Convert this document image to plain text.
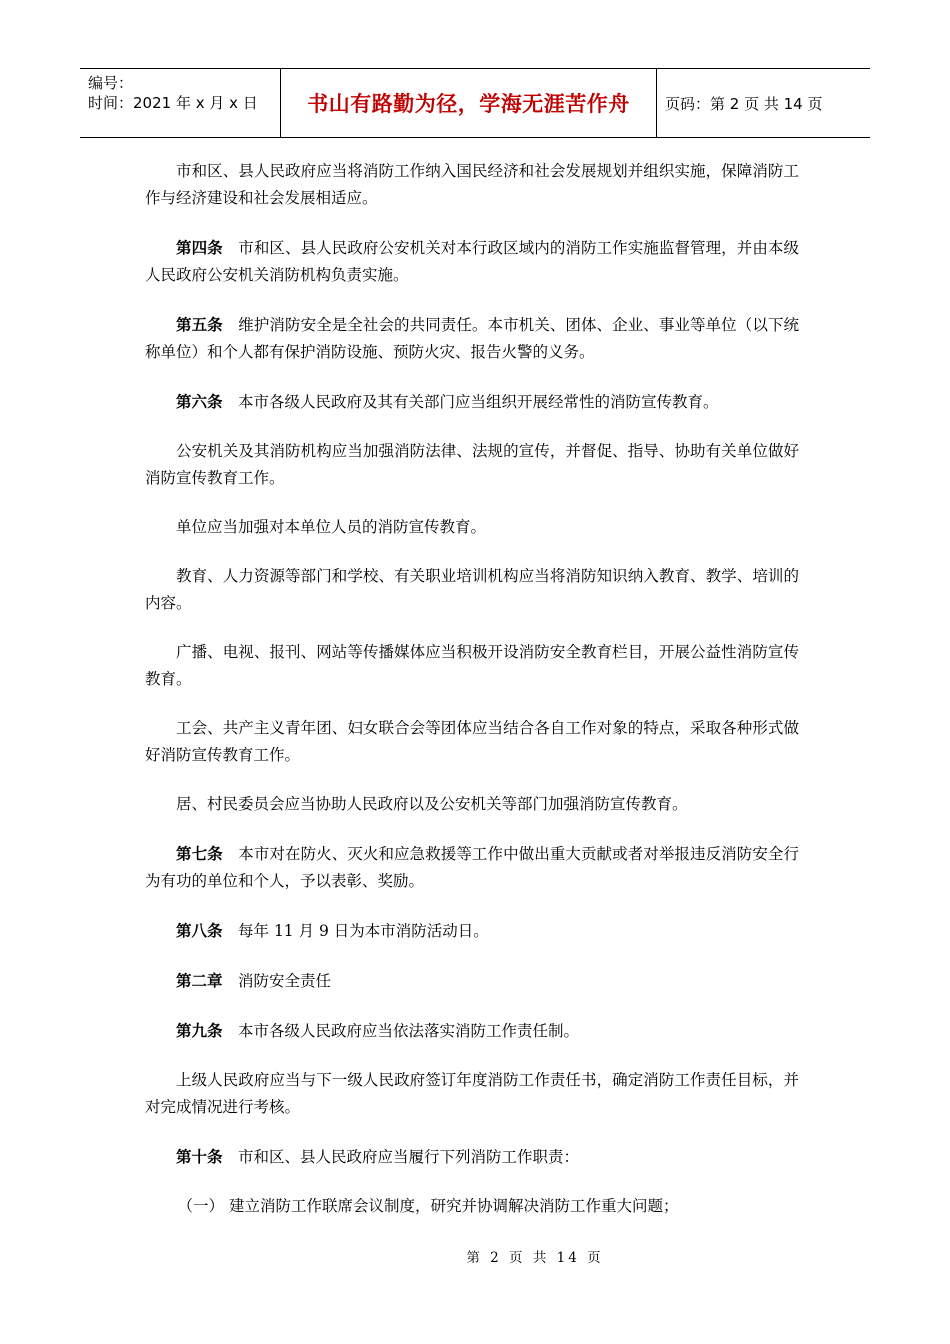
编号：
时间：2021 年 x 月 x 日	书山有路勤为径，学海无涯苦作舟	页码：第 2 页 共 14 页

市和区、县人民政府应当将消防工作纳入国民经济和社会发展规划并组织实施，保障消防工作与经济建设和社会发展相适应。

第四条 市和区、县人民政府公安机关对本行政区域内的消防工作实施监督管理，并由本级人民政府公安机关消防机构负责实施。

第五条 维护消防安全是全社会的共同责任。本市机关、团体、企业、事业等单位（以下统称单位）和个人都有保护消防设施、预防火灾、报告火警的义务。

第六条 本市各级人民政府及其有关部门应当组织开展经常性的消防宣传教育。

公安机关及其消防机构应当加强消防法律、法规的宣传，并督促、指导、协助有关单位做好消防宣传教育工作。

单位应当加强对本单位人员的消防宣传教育。

教育、人力资源等部门和学校、有关职业培训机构应当将消防知识纳入教育、教学、培训的内容。

广播、电视、报刊、网站等传播媒体应当积极开设消防安全教育栏目，开展公益性消防宣传教育。

工会、共产主义青年团、妇女联合会等团体应当结合各自工作对象的特点，采取各种形式做好消防宣传教育工作。

居、村民委员会应当协助人民政府以及公安机关等部门加强消防宣传教育。

第七条 本市对在防火、灭火和应急救援等工作中做出重大贡献或者对举报违反消防安全行为有功的单位和个人，予以表彰、奖励。

第八条 每年 11 月 9 日为本市消防活动日。

第二章 消防安全责任

第九条 本市各级人民政府应当依法落实消防工作责任制。

上级人民政府应当与下一级人民政府签订年度消防工作责任书，确定消防工作责任目标，并对完成情况进行考核。

第十条 市和区、县人民政府应当履行下列消防工作职责：

（一） 建立消防工作联席会议制度，研究并协调解决消防工作重大问题；

第 2 页 共 14 页
